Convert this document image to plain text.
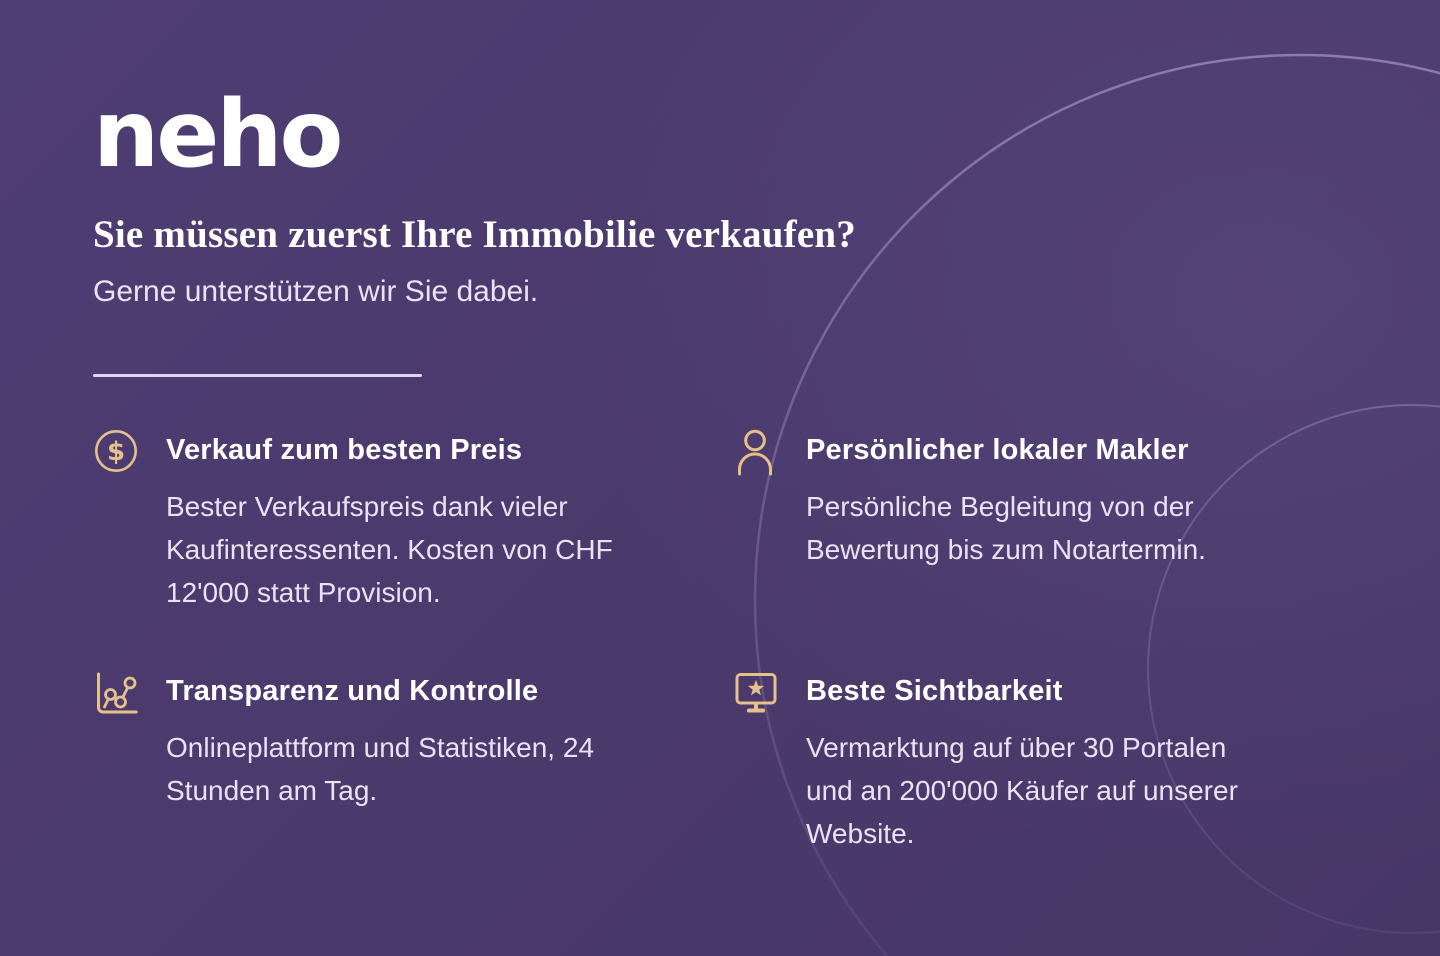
neho
Sie müssen zuerst Ihre Immobilie verkaufen?

Gerne unterstützen wir Sie dabei.

$ Verkauf zum besten Preis

Bester Verkaufspreis dank vieler Kaufinteressenten. Kosten von CHF 12'000 statt Provision.

Persönlicher lokaler Makler

Persönliche Begleitung von der Bewertung bis zum Notartermin.

Transparenz und Kontrolle

Onlineplattform und Statistiken, 24 Stunden am Tag.

Beste Sichtbarkeit

Vermarktung auf über 30 Portalen und an 200'000 Käufer auf unserer Website.
